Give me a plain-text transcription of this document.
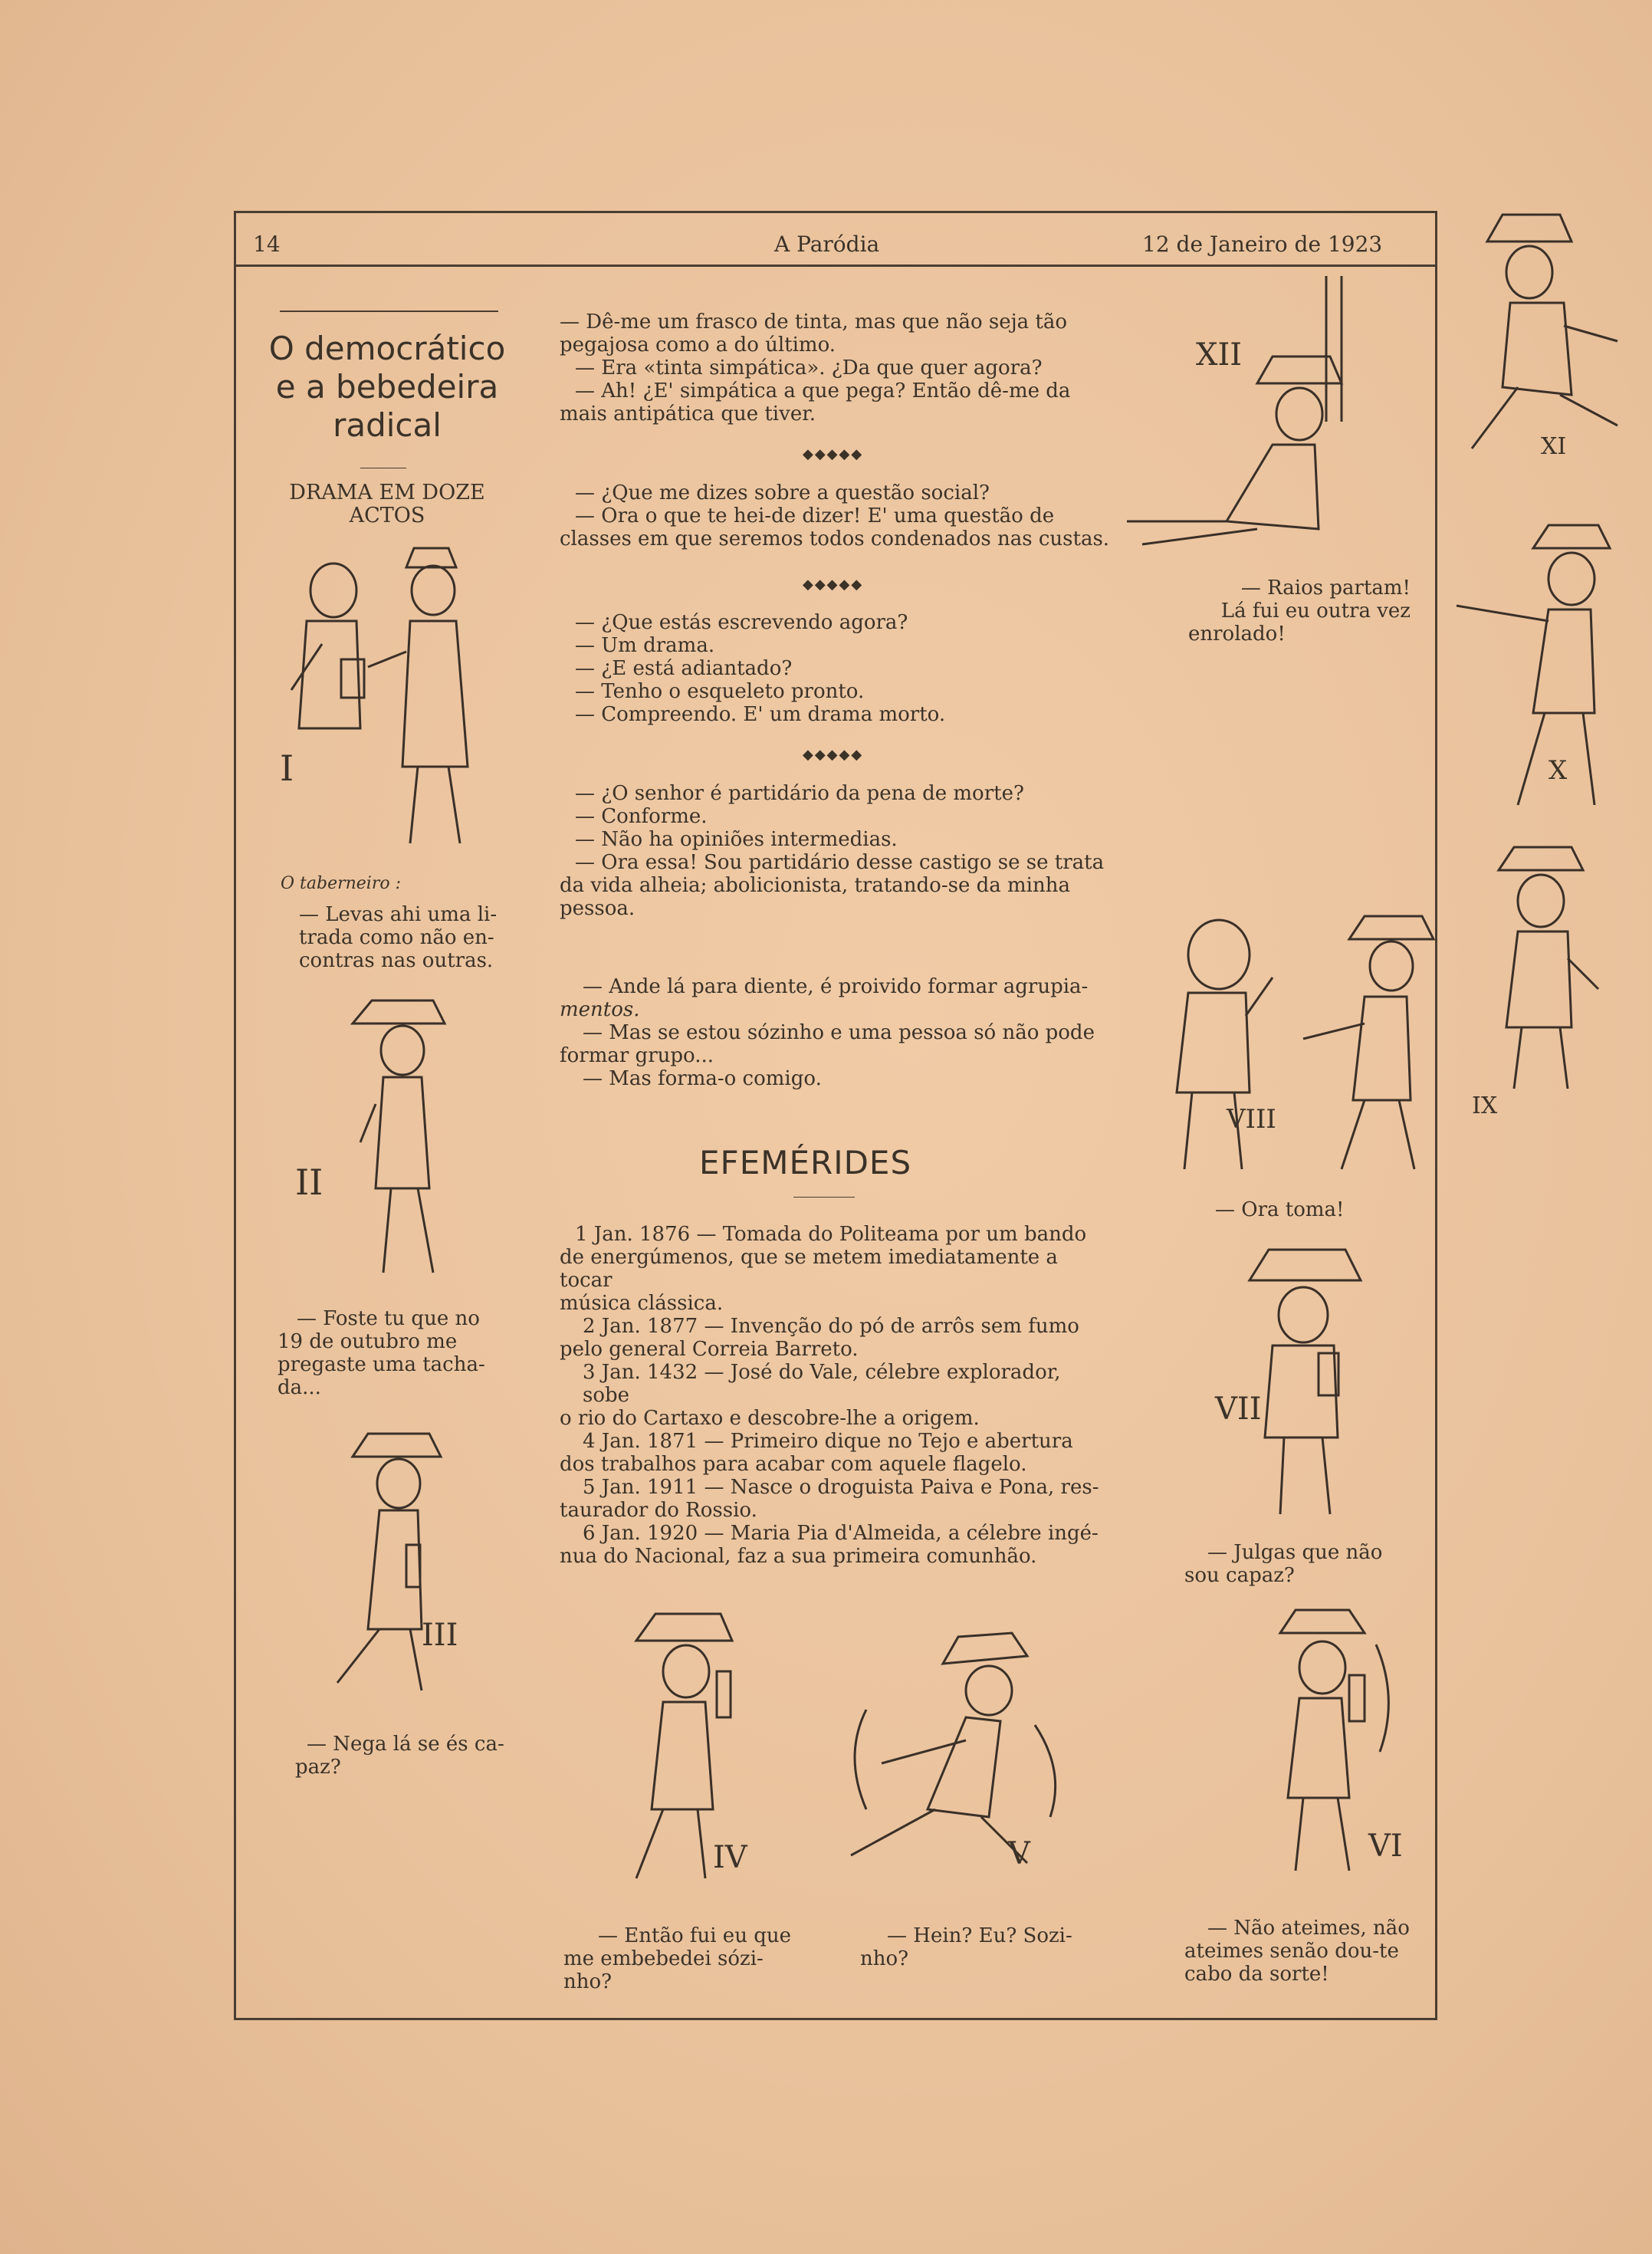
14	A Paródia	12 de Janeiro de 1923
O democrático
e a bebedeira
radical
DRAMA EM DOZE
ACTOS
— Dê-me um frasco de tinta, mas que não seja tão
pegajosa como a do último.
— Era «tinta simpática». ¿Da que quer agora?
— Ah! ¿E' simpática a que pega? Então dê-me da
mais antipática que tiver.
◆◆◆◆◆
— ¿Que me dizes sobre a questão social?
— Ora o que te hei-de dizer! E' uma questão de
classes em que seremos todos condenados nas custas.
◆◆◆◆◆
— ¿Que estás escrevendo agora?
— Um drama.
— ¿E está adiantado?
— Tenho o esqueleto pronto.
— Compreendo. E' um drama morto.
◆◆◆◆◆
— ¿O senhor é partidário da pena de morte?
— Conforme.
— Não ha opiniões intermedias.
— Ora essa! Sou partidário desse castigo se se trata
da vida alheia; abolicionista, tratando-se da minha
pessoa.
— Ande lá para diente, é proivido formar agrupia-
mentos.
— Mas se estou sózinho e uma pessoa só não pode
formar grupo...
— Mas forma-o comigo.
EFEMÉRIDES
1 Jan. 1876 — Tomada do Politeama por um bando
de energúmenos, que se metem imediatamente a tocar
música clássica.
2 Jan. 1877 — Invenção do pó de arrôs sem fumo
pelo general Correia Barreto.
3 Jan. 1432 — José do Vale, célebre explorador, sobe
o rio do Cartaxo e descobre-lhe a origem.
4 Jan. 1871 — Primeiro dique no Tejo e abertura
dos trabalhos para acabar com aquele flagelo.
5 Jan. 1911 — Nasce o droguista Paiva e Pona, res-
taurador do Rossio.
6 Jan. 1920 — Maria Pia d'Almeida, a célebre ingé-
nua do Nacional, faz a sua primeira comunhão.
I
O taberneiro :
— Levas ahi uma li-
trada como não en-
contras nas outras.
II
— Foste tu que no
19 de outubro me
pregaste uma tacha-
da...
III
— Nega lá se és ca-
paz?
IV
— Então fui eu que
me embebedei sózi-
nho?
V
— Hein? Eu? Sozi-
nho?
VI
— Não ateimes, não
ateimes senão dou-te
cabo da sorte!
VII
— Julgas que não
sou capaz?
VIII
— Ora toma!
IX
X
XI
XII
— Raios partam!
Lá fui eu outra vez
enrolado!
